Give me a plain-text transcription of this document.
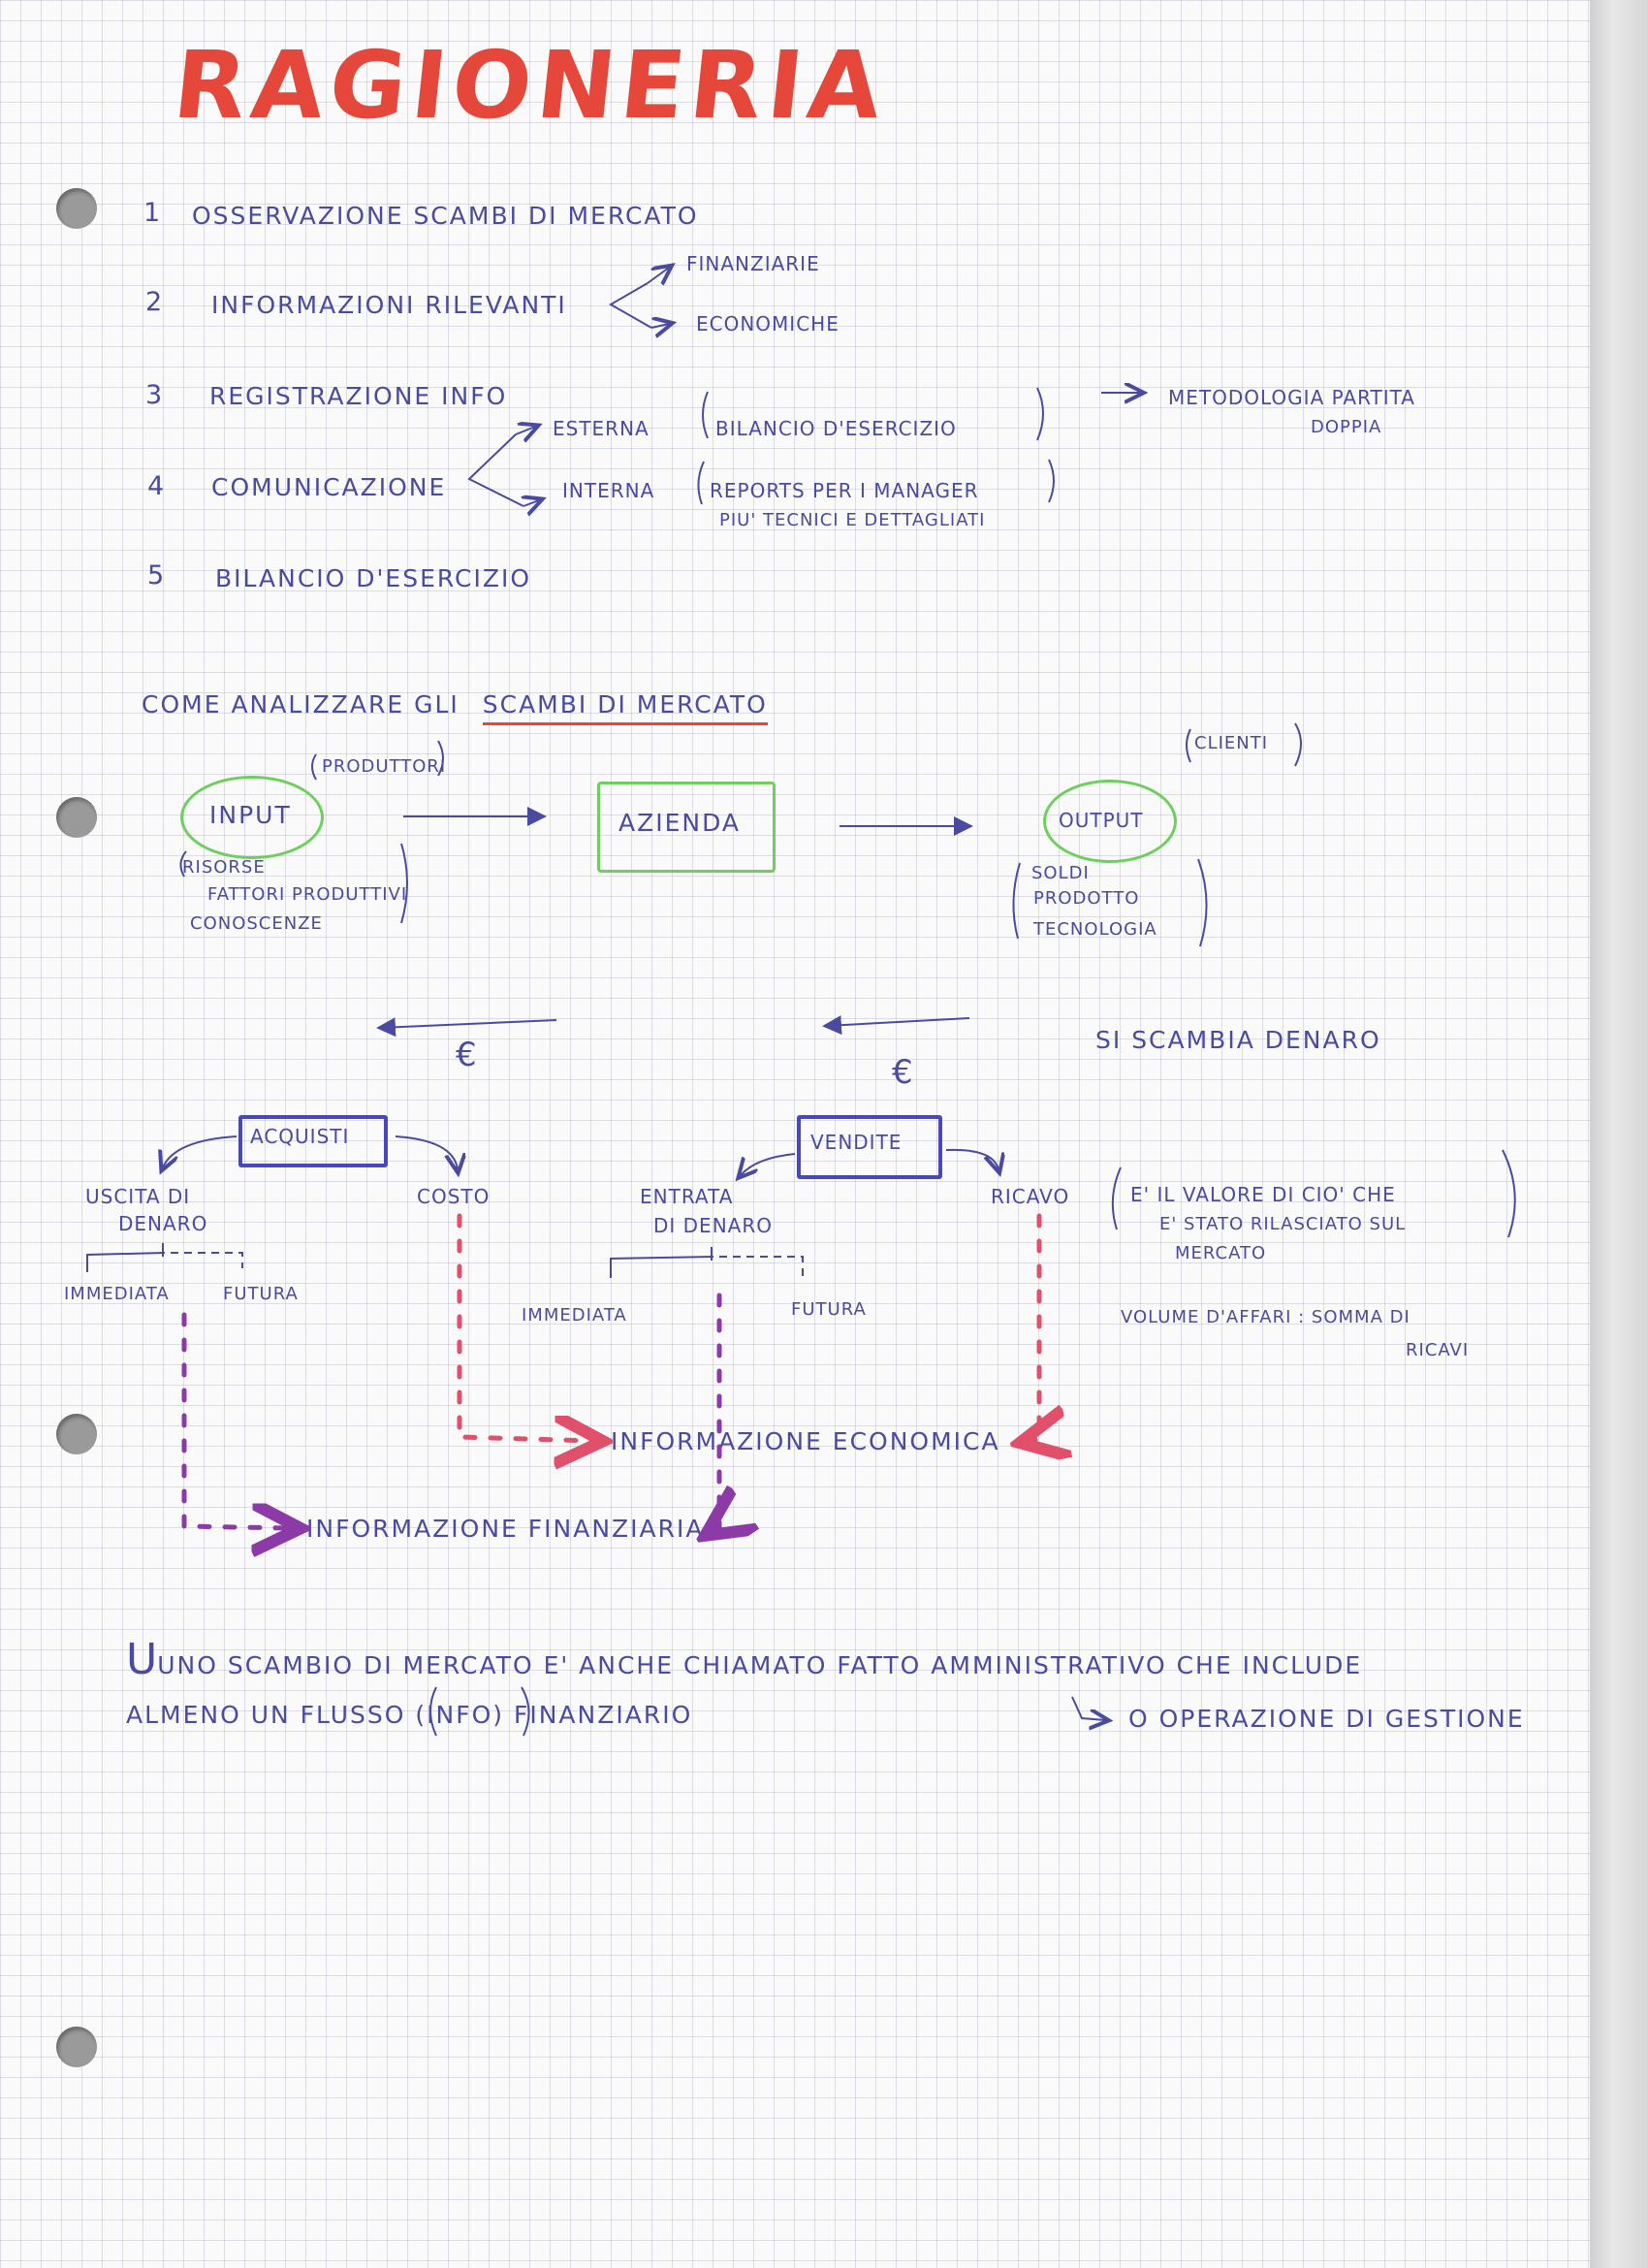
RAGIONERIA
1 OSSERVAZIONE SCAMBI DI MERCATO
2 INFORMAZIONI RILEVANTI
FINANZIARIE
ECONOMICHE
3 REGISTRAZIONE INFO
ESTERNA	BILANCIO D'ESERCIZIO
METODOLOGIA PARTITA
DOPPIA
4 COMUNICAZIONE	INTERNA	REPORTS PER I MANAGER
PIU' TECNICI E DETTAGLIATI
5 BILANCIO D'ESERCIZIO
COME ANALIZZARE GLI SCAMBI DI MERCATO
PRODUTTORI
INPUT
RISORSE
FATTORI PRODUTTIVI
CONOSCENZE
AZIENDA
CLIENTI
OUTPUT
SOLDI
PRODOTTO
TECNOLOGIA
€	€
SI SCAMBIA DENARO
ACQUISTI
USCITA DI
DENARO
COSTO
IMMEDIATA	FUTURA
VENDITE
ENTRATA
DI DENARO
RICAVO
IMMEDIATA	FUTURA
E' IL VALORE DI CIO' CHE
E' STATO RILASCIATO SUL
MERCATO
VOLUME D'AFFARI : SOMMA DI
RICAVI
INFORMAZIONE ECONOMICA
INFORMAZIONE FINANZIARIA
UUNO SCAMBIO DI MERCATO E' ANCHE CHIAMATO FATTO AMMINISTRATIVO CHE INCLUDE
ALMENO UN FLUSSO (INFO) FINANZIARIO	O OPERAZIONE DI GESTIONE
